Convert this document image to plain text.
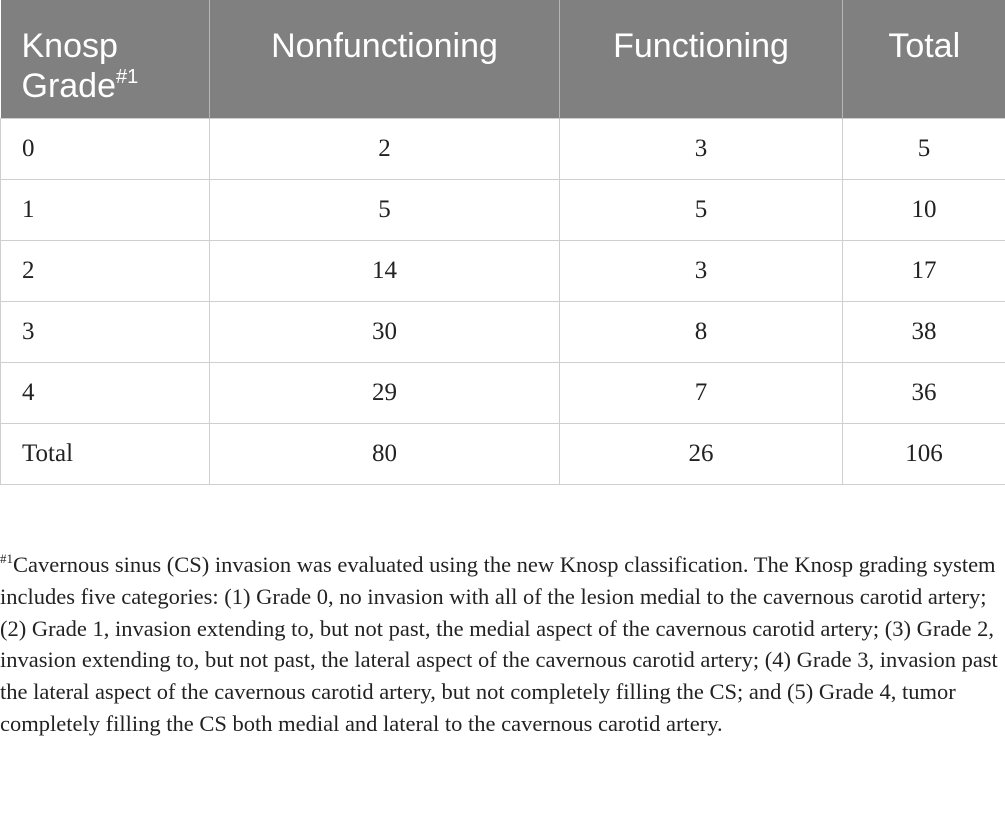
Knosp Grade$^{\#1}$	Nonfunctioning	Functioning	Total
0	2	3	5
1	5	5	10
2	14	3	17
3	30	8	38
4	29	7	36
Total	80	26	106

$^{\#1}$Cavernous sinus (CS) invasion was evaluated using the new Knosp classification. The Knosp grading system includes five categories: (1) Grade 0, no invasion with all of the lesion medial to the cavernous carotid artery; (2) Grade 1, invasion extending to, but not past, the medial aspect of the cavernous carotid artery; (3) Grade 2, invasion extending to, but not past, the lateral aspect of the cavernous carotid artery; (4) Grade 3, invasion past the lateral aspect of the cavernous carotid artery, but not completely filling the CS; and (5) Grade 4, tumor completely filling the CS both medial and lateral to the cavernous carotid artery.
